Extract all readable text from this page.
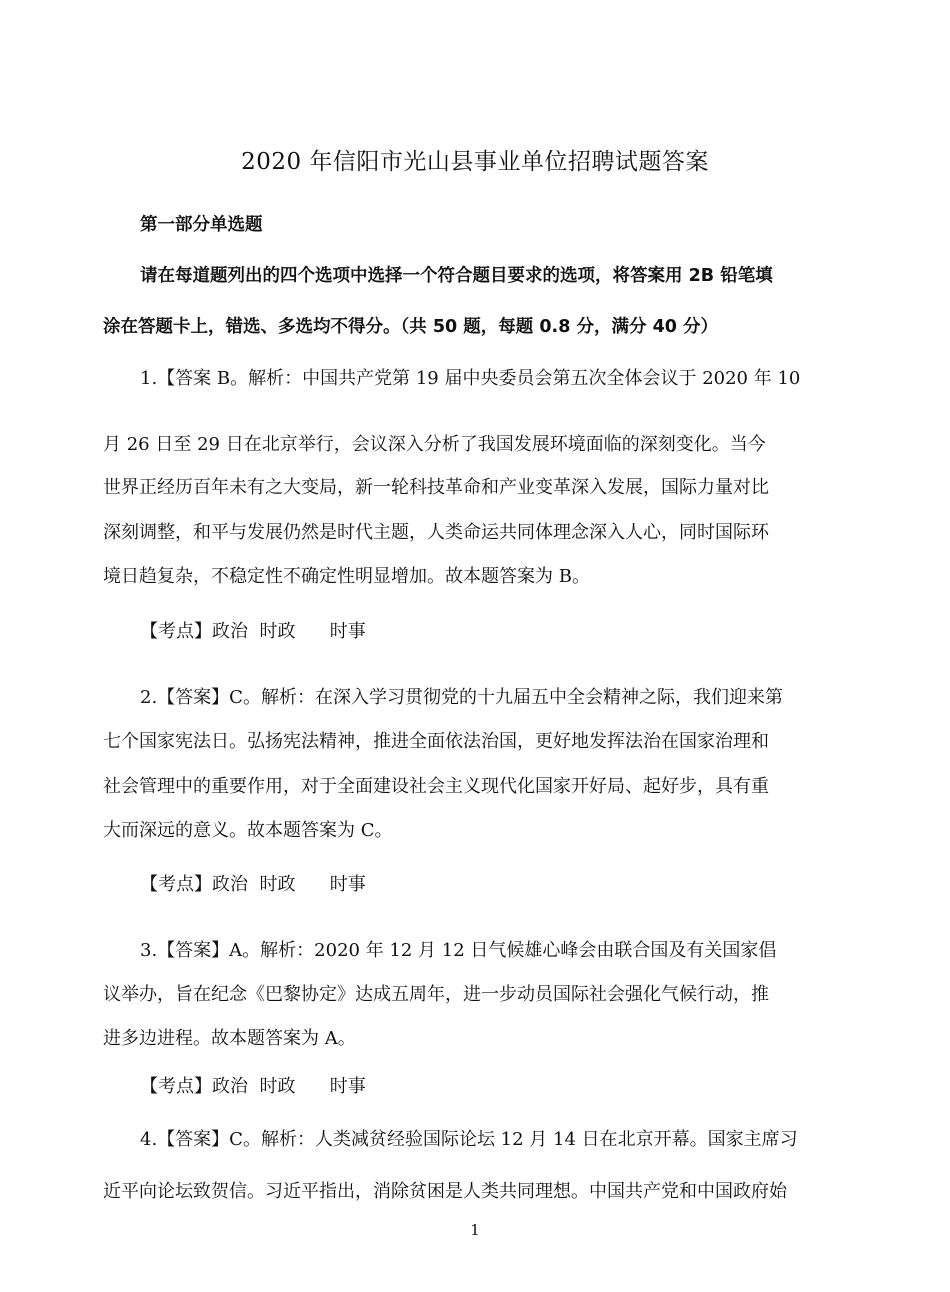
2020 年信阳市光山县事业单位招聘试题答案
第一部分单选题
请在每道题列出的四个选项中选择一个符合题目要求的选项，将答案用 2B 铅笔填
涂在答题卡上，错选、多选均不得分。（共 50 题，每题 0.8 分，满分 40 分）
1.【答案 B。解析：中国共产党第 19 届中央委员会第五次全体会议于 2020 年 10
月 26 日至 29 日在北京举行，会议深入分析了我国发展环境面临的深刻变化。当今
世界正经历百年未有之大变局，新一轮科技革命和产业变革深入发展，国际力量对比
深刻调整，和平与发展仍然是时代主题，人类命运共同体理念深入人心，同时国际环
境日趋复杂，不稳定性不确定性明显增加。故本题答案为 B。
【考点】政治  时政      时事
2.【答案】C。解析：在深入学习贯彻党的十九届五中全会精神之际，我们迎来第
七个国家宪法日。弘扬宪法精神，推进全面依法治国，更好地发挥法治在国家治理和
社会管理中的重要作用，对于全面建设社会主义现代化国家开好局、起好步，具有重
大而深远的意义。故本题答案为 C。
【考点】政治  时政      时事
3.【答案】A。解析：2020 年 12 月 12 日气候雄心峰会由联合国及有关国家倡
议举办，旨在纪念《巴黎协定》达成五周年，进一步动员国际社会强化气候行动，推
进多边进程。故本题答案为 A。
【考点】政治  时政      时事
4.【答案】C。解析：人类减贫经验国际论坛 12 月 14 日在北京开幕。国家主席习
近平向论坛致贺信。习近平指出，消除贫困是人类共同理想。中国共产党和中国政府始
1
